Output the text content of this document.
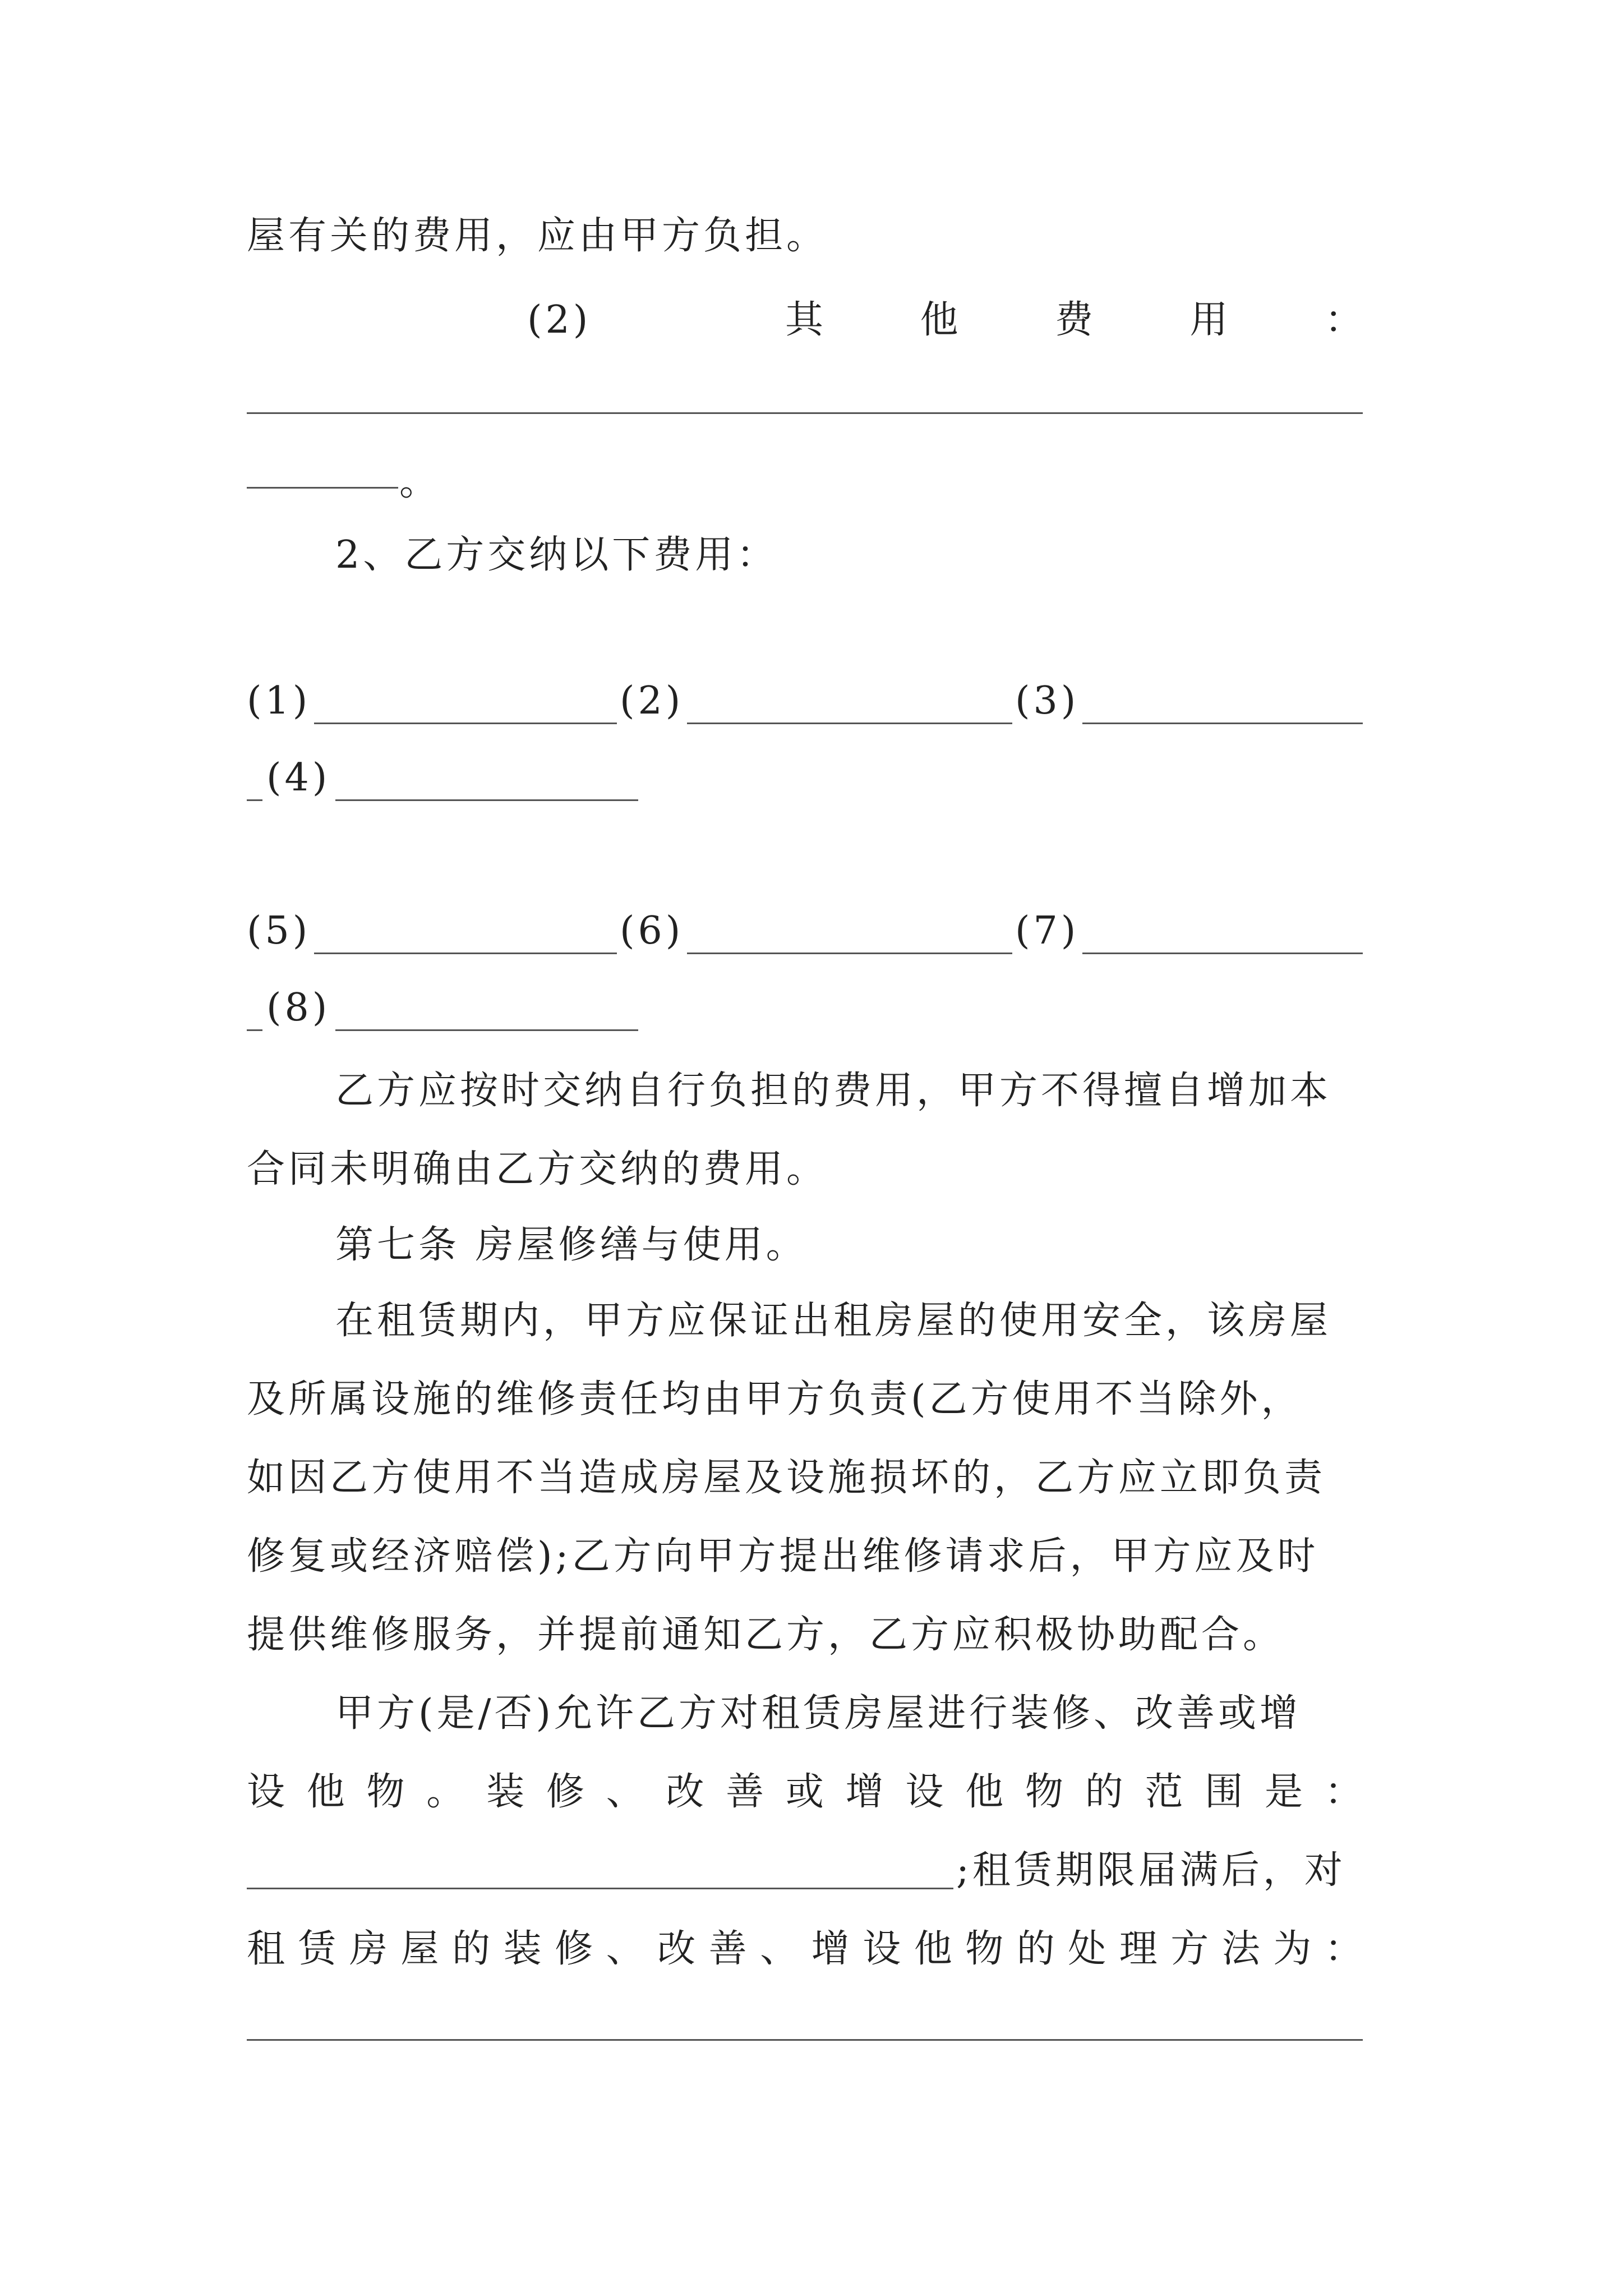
屋有关的费用，应由甲方负担。
(2)	其	他	费	用	：
。
2、乙方交纳以下费用：
(1)	(2)	(3)
(4)
(5)	(6)	(7)
(8)
乙方应按时交纳自行负担的费用，甲方不得擅自增加本
合同未明确由乙方交纳的费用。
第七条 房屋修缮与使用。
在租赁期内，甲方应保证出租房屋的使用安全，该房屋
及所属设施的维修责任均由甲方负责(乙方使用不当除外，
如因乙方使用不当造成房屋及设施损坏的，乙方应立即负责
修复或经济赔偿);乙方向甲方提出维修请求后，甲方应及时
提供维修服务，并提前通知乙方，乙方应积极协助配合。
甲方(是/否)允许乙方对租赁房屋进行装修、改善或增
设 他 物 。 装 修 、 改 善 或 增 设 他 物 的 范 围 是 ：
;租赁期限届满后，对
租 赁 房 屋 的 装 修 、 改 善 、 增 设 他 物 的 处 理 方 法 为 ：
